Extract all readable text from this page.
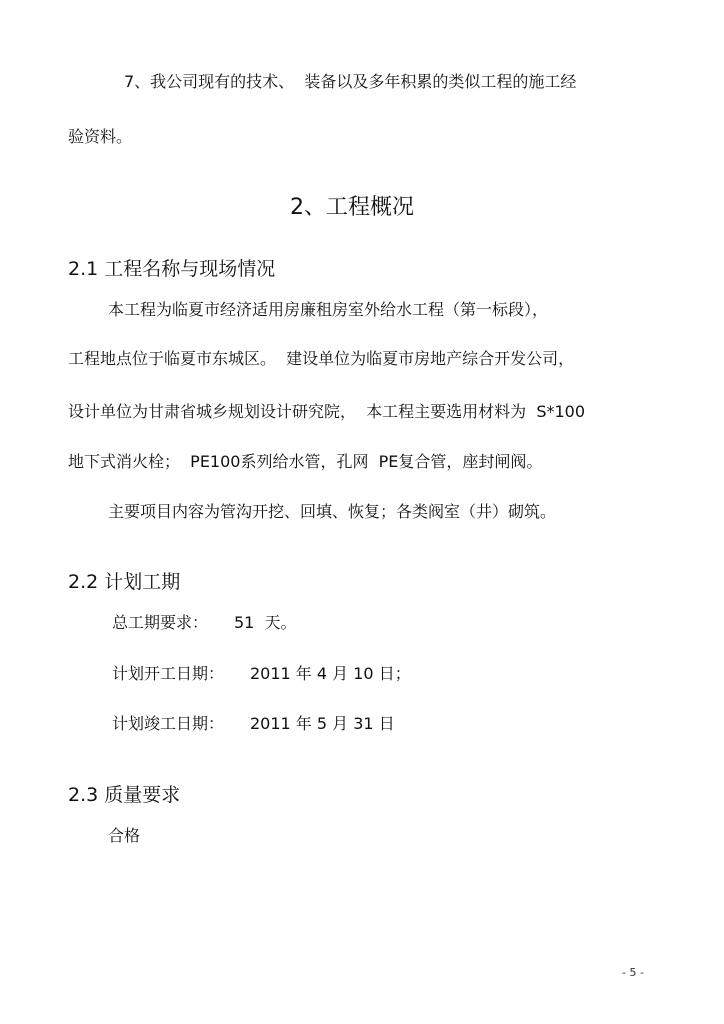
7、我公司现有的技术、  装备以及多年积累的类似工程的施工经
验资料。
2、工程概况
2.1 工程名称与现场情况
本工程为临夏市经济适用房廉租房室外给水工程（第一标段），
工程地点位于临夏市东城区。  建设单位为临夏市房地产综合开发公司，
设计单位为甘肃省城乡规划设计研究院，  本工程主要选用材料为  S*100
地下式消火栓；  PE100系列给水管，孔网  PE复合管，座封闸阀。
主要项目内容为管沟开挖、回填、恢复；各类阀室（井）砌筑。
2.2 计划工期
总工期要求： 51  天。
计划开工日期： 2011 年 4 月 10 日；
计划竣工日期： 2011 年 5 月 31 日
2.3 质量要求
合格
- 5 -
